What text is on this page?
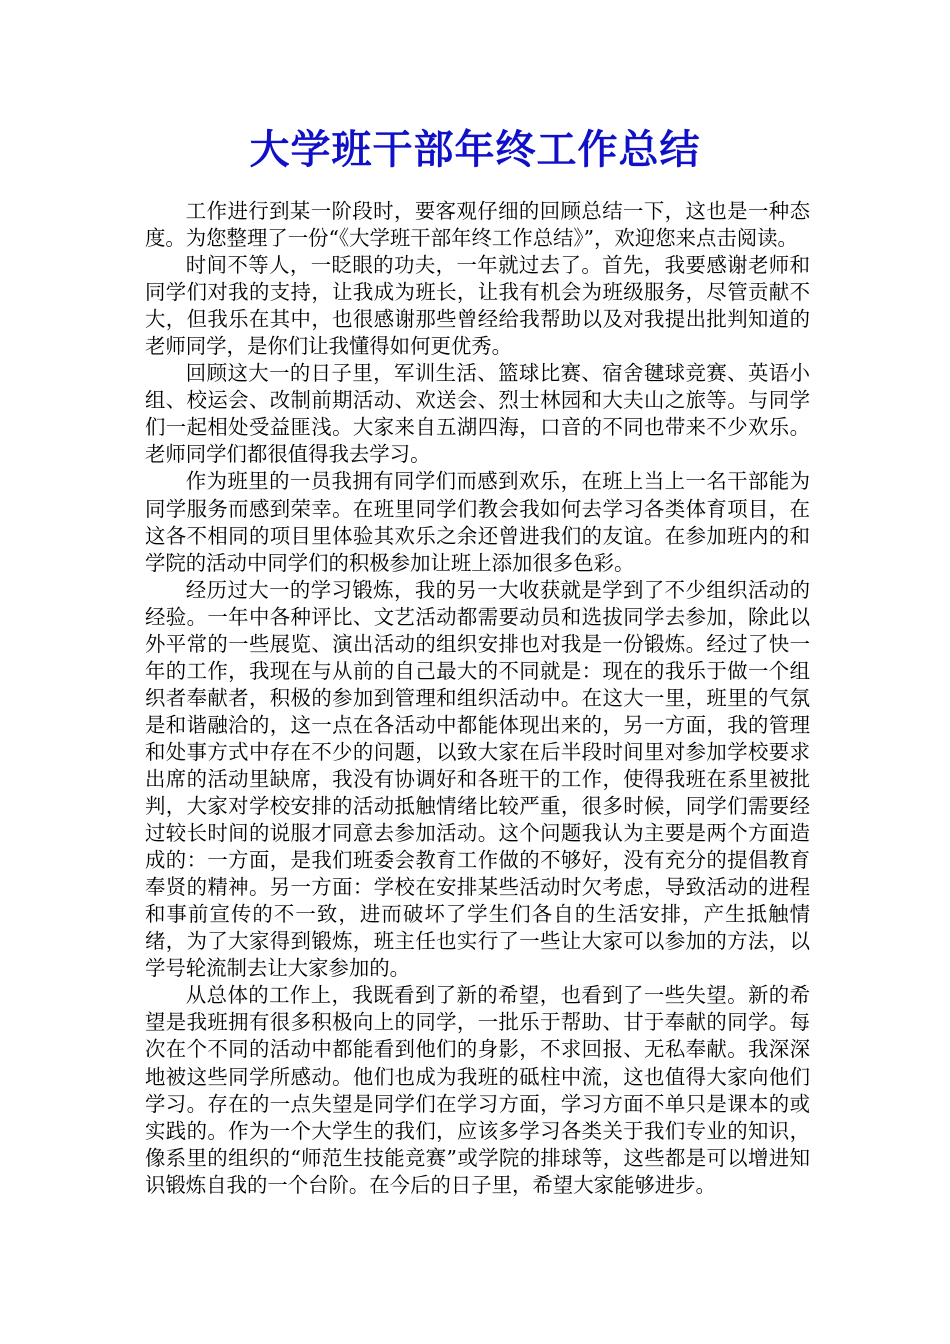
大学班干部年终工作总结

工作进行到某一阶段时，要客观仔细的回顾总结一下，这也是一种态度。为您整理了一份“《大学班干部年终工作总结》”，欢迎您来点击阅读。

时间不等人，一眨眼的功夫，一年就过去了。首先，我要感谢老师和同学们对我的支持，让我成为班长，让我有机会为班级服务，尽管贡献不大，但我乐在其中，也很感谢那些曾经给我帮助以及对我提出批判知道的老师同学，是你们让我懂得如何更优秀。

回顾这大一的日子里，军训生活、篮球比赛、宿舍毽球竞赛、英语小组、校运会、改制前期活动、欢送会、烈士林园和大夫山之旅等。与同学们一起相处受益匪浅。大家来自五湖四海，口音的不同也带来不少欢乐。老师同学们都很值得我去学习。

作为班里的一员我拥有同学们而感到欢乐，在班上当上一名干部能为同学服务而感到荣幸。在班里同学们教会我如何去学习各类体育项目，在这各不相同的项目里体验其欢乐之余还曾进我们的友谊。在参加班内的和学院的活动中同学们的积极参加让班上添加很多色彩。

经历过大一的学习锻炼，我的另一大收获就是学到了不少组织活动的经验。一年中各种评比、文艺活动都需要动员和选拔同学去参加，除此以外平常的一些展览、演出活动的组织安排也对我是一份锻炼。经过了快一年的工作，我现在与从前的自己最大的不同就是：现在的我乐于做一个组织者奉献者，积极的参加到管理和组织活动中。在这大一里，班里的气氛是和谐融洽的，这一点在各活动中都能体现出来的，另一方面，我的管理和处事方式中存在不少的问题，以致大家在后半段时间里对参加学校要求出席的活动里缺席，我没有协调好和各班干的工作，使得我班在系里被批判，大家对学校安排的活动抵触情绪比较严重，很多时候，同学们需要经过较长时间的说服才同意去参加活动。这个问题我认为主要是两个方面造成的：一方面，是我们班委会教育工作做的不够好，没有充分的提倡教育奉贤的精神。另一方面：学校在安排某些活动时欠考虑，导致活动的进程和事前宣传的不一致，进而破坏了学生们各自的生活安排，产生抵触情绪，为了大家得到锻炼，班主任也实行了一些让大家可以参加的方法，以学号轮流制去让大家参加的。

从总体的工作上，我既看到了新的希望，也看到了一些失望。新的希望是我班拥有很多积极向上的同学，一批乐于帮助、甘于奉献的同学。每次在个不同的活动中都能看到他们的身影，不求回报、无私奉献。我深深地被这些同学所感动。他们也成为我班的砥柱中流，这也值得大家向他们学习。存在的一点失望是同学们在学习方面，学习方面不单只是课本的或实践的。作为一个大学生的我们，应该多学习各类关于我们专业的知识，像系里的组织的“师范生技能竞赛”或学院的排球等，这些都是可以增进知识锻炼自我的一个台阶。在今后的日子里，希望大家能够进步。
